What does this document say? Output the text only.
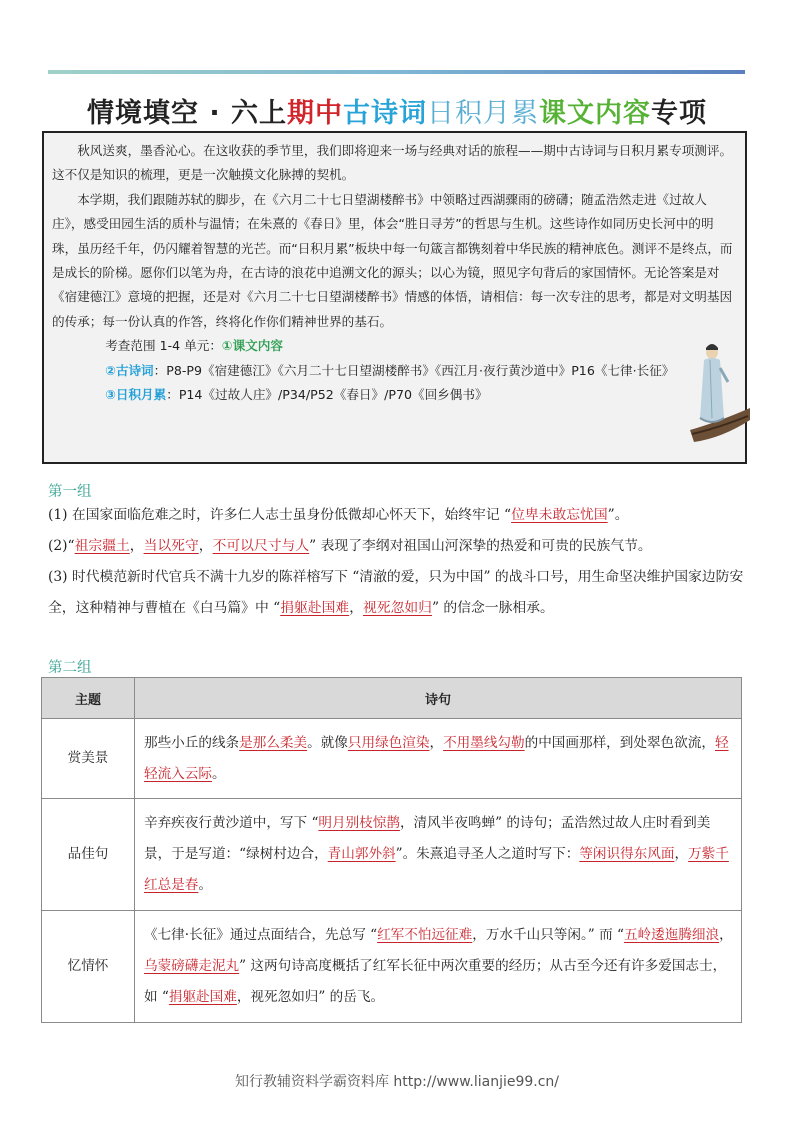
情境填空 · 六上 期中 古诗词 日积月累 课文内容 专项

秋风送爽，墨香沁心。在这收获的季节里，我们即将迎来一场与经典对话的旅程——期中古诗词与日积月累专项测评。这不仅是知识的梳理，更是一次触摸文化脉搏的契机。

本学期，我们跟随苏轼的脚步，在《六月二十七日望湖楼醉书》中领略过西湖骤雨的磅礴；随孟浩然走进《过故人庄》，感受田园生活的质朴与温情；在朱熹的《春日》里，体会“胜日寻芳”的哲思与生机。这些诗作如同历史长河中的明珠，虽历经千年，仍闪耀着智慧的光芒。而“日积月累”板块中每一句箴言都镌刻着中华民族的精神底色。测评不是终点，而是成长的阶梯。愿你们以笔为舟，在古诗的浪花中追溯文化的源头；以心为镜，照见字句背后的家国情怀。无论答案是对《宿建德江》意境的把握，还是对《六月二十七日望湖楼醉书》情感的体悟，请相信：每一次专注的思考，都是对文明基因的传承；每一份认真的作答，终将化作你们精神世界的基石。

考查范围 1-4 单元：①课文内容

②古诗词：P8-P9《宿建德江》《六月二十七日望湖楼醉书》《西江月·夜行黄沙道中》P16《七律·长征》

③日积月累：P14《过故人庄》/P34/P52《春日》/P70《回乡偶书》

第一组
(1) 在国家面临危难之时，许多仁人志士虽身份低微却心怀天下，始终牢记 “位卑未敢忘忧国”。
(2)“祖宗疆土，当以死守，不可以尺寸与人” 表现了李纲对祖国山河深挚的热爱和可贵的民族气节。
(3) 时代模范新时代官兵不满十九岁的陈祥榕写下 “清澈的爱，只为中国” 的战斗口号，用生命坚决维护国家边防安全，这种精神与曹植在《白马篇》中 “捐躯赴国难，视死忽如归” 的信念一脉相承。
第二组
主题	诗句
赏美景	那些小丘的线条是那么柔美。就像只用绿色渲染，不用墨线勾勒的中国画那样，到处翠色欲流，轻轻流入云际。
品佳句	辛弃疾夜行黄沙道中，写下 “明月别枝惊鹊，清风半夜鸣蝉” 的诗句；孟浩然过故人庄时看到美景，于是写道：“绿树村边合，青山郭外斜”。朱熹追寻圣人之道时写下：等闲识得东风面，万紫千红总是春。
忆情怀	《七律·长征》通过点面结合，先总写 “红军不怕远征难，万水千山只等闲。” 而 “五岭逶迤腾细浪，乌蒙磅礴走泥丸” 这两句诗高度概括了红军长征中两次重要的经历；从古至今还有许多爱国志士，如 “捐躯赴国难，视死忽如归” 的岳飞。
知行教辅资料学霸资料库 http://www.lianjie99.cn/
